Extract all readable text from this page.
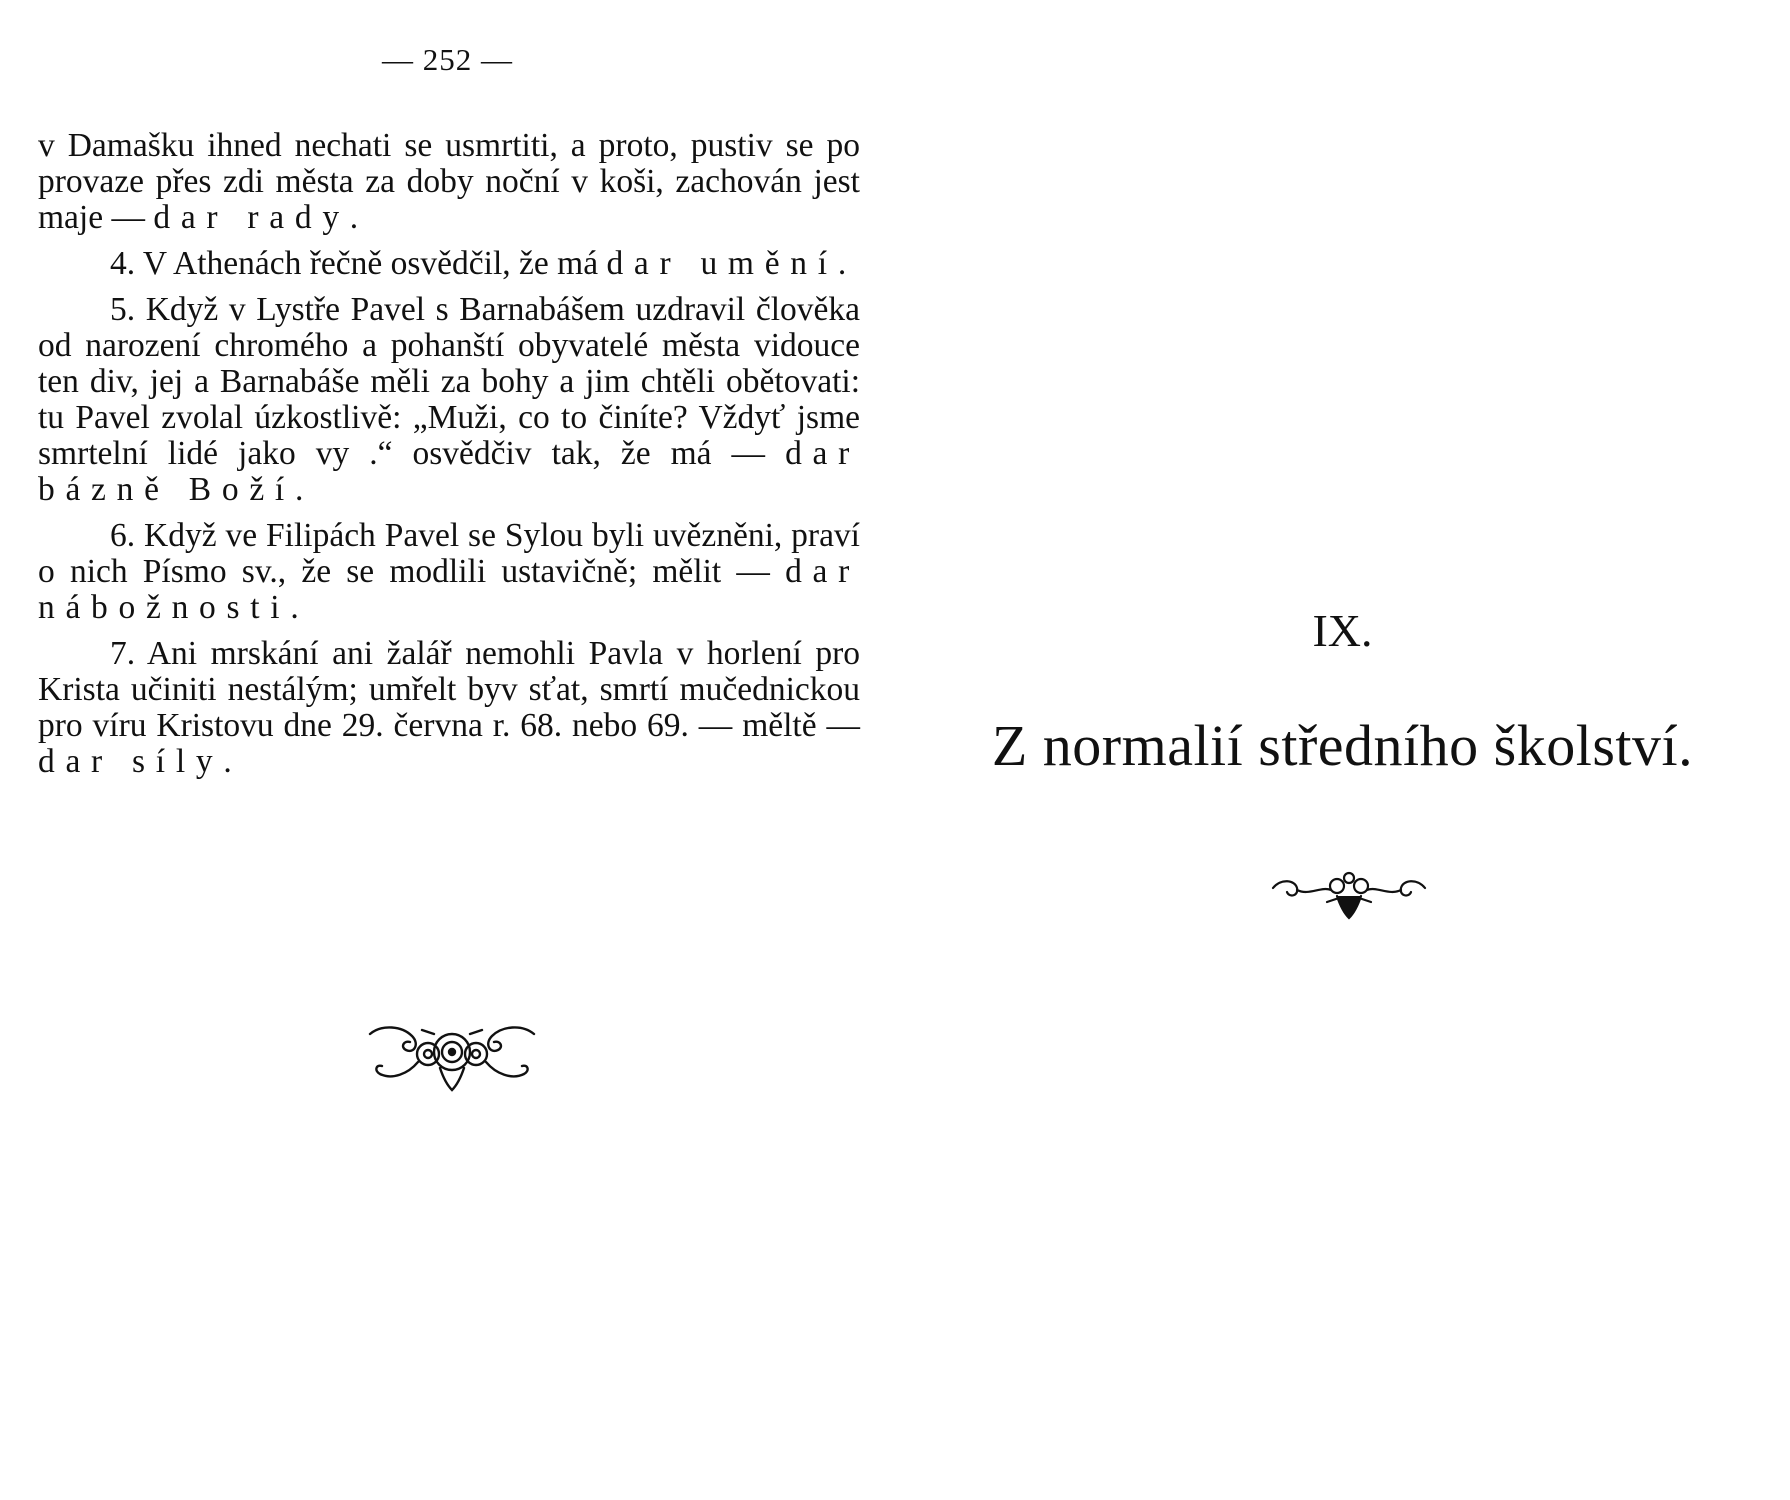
— 252 —

v Damašku ihned nechati se usmrtiti, a proto, pustiv se po provaze přes zdi města za doby noční v koši, zachován jest maje — dar rady.

4. V Athenách řečně osvědčil, že má dar umění.

5. Když v Lystře Pavel s Barnabášem uzdravil člověka od narození chromého a pohanští obyvatelé města vidouce ten div, jej a Barnabáše měli za bohy a jim chtěli obětovati: tu Pavel zvolal úzkostlivě: „Muži, co to činíte? Vždyť jsme smrtelní lidé jako vy .“ osvědčiv tak, že má — dar bázně Boží.

6. Když ve Filipách Pavel se Sylou byli uvězněni, praví o nich Písmo sv., že se modlili ustavičně; mělit — dar nábožnosti.

7. Ani mrskání ani žalář nemohli Pavla v horlení pro Krista učiniti nestálým; umřelt byv sťat, smrtí mučednickou pro víru Kristovu dne 29. června r. 68. nebo 69. — měltě — dar síly.

IX.
Z normalií středního školství.
